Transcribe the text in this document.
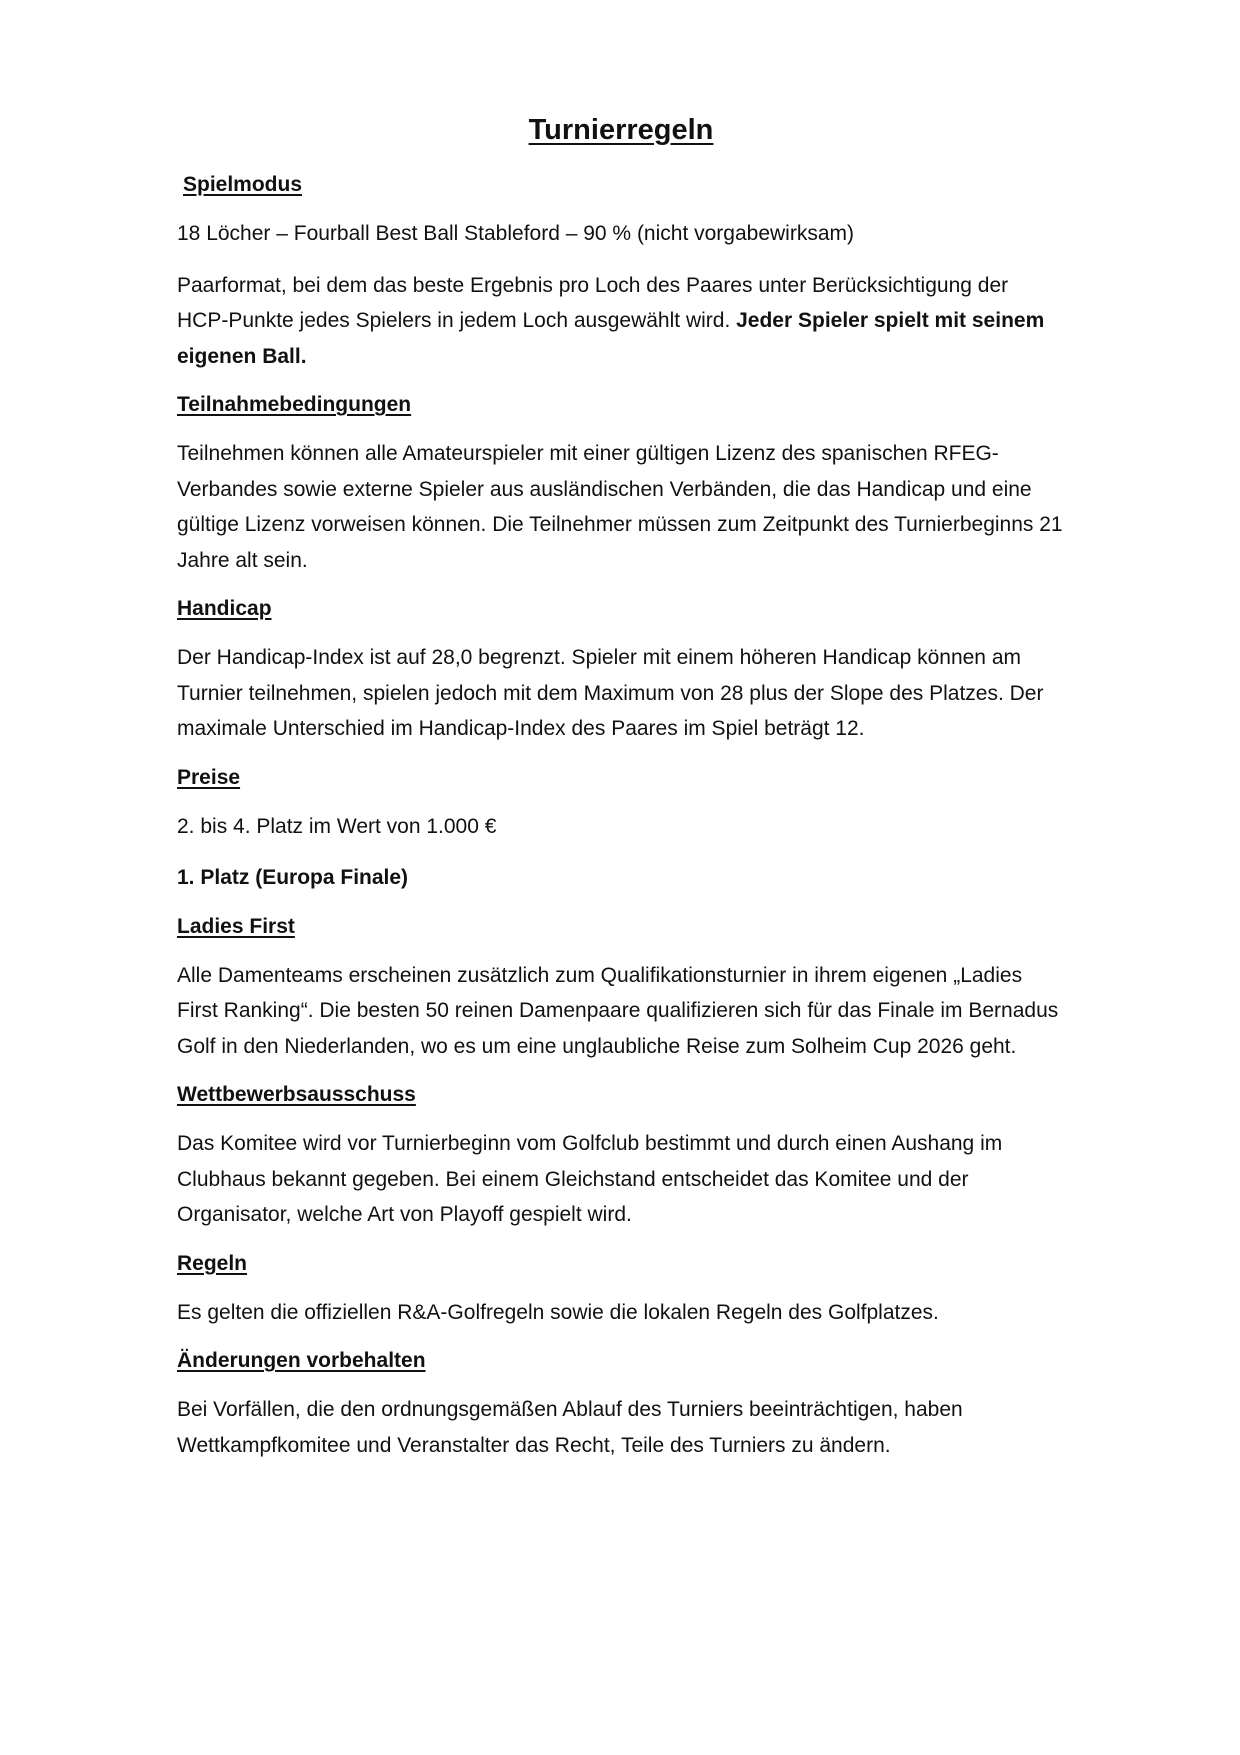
Turnierregeln
Spielmodus
18 Löcher – Fourball Best Ball Stableford – 90 % (nicht vorgabewirksam)
Paarformat, bei dem das beste Ergebnis pro Loch des Paares unter Berücksichtigung der HCP-Punkte jedes Spielers in jedem Loch ausgewählt wird. Jeder Spieler spielt mit seinem eigenen Ball.
Teilnahmebedingungen
Teilnehmen können alle Amateurspieler mit einer gültigen Lizenz des spanischen RFEG-Verbandes sowie externe Spieler aus ausländischen Verbänden, die das Handicap und eine gültige Lizenz vorweisen können. Die Teilnehmer müssen zum Zeitpunkt des Turnierbeginns 21 Jahre alt sein.
Handicap
Der Handicap-Index ist auf 28,0 begrenzt. Spieler mit einem höheren Handicap können am Turnier teilnehmen, spielen jedoch mit dem Maximum von 28 plus der Slope des Platzes. Der maximale Unterschied im Handicap-Index des Paares im Spiel beträgt 12.
Preise
2. bis 4. Platz im Wert von 1.000 €
1. Platz (Europa Finale)
Ladies First
Alle Damenteams erscheinen zusätzlich zum Qualifikationsturnier in ihrem eigenen „Ladies First Ranking“. Die besten 50 reinen Damenpaare qualifizieren sich für das Finale im Bernadus Golf in den Niederlanden, wo es um eine unglaubliche Reise zum Solheim Cup 2026 geht.
Wettbewerbsausschuss
Das Komitee wird vor Turnierbeginn vom Golfclub bestimmt und durch einen Aushang im Clubhaus bekannt gegeben. Bei einem Gleichstand entscheidet das Komitee und der Organisator, welche Art von Playoff gespielt wird.
Regeln
Es gelten die offiziellen R&A-Golfregeln sowie die lokalen Regeln des Golfplatzes.
Änderungen vorbehalten
Bei Vorfällen, die den ordnungsgemäßen Ablauf des Turniers beeinträchtigen, haben Wettkampfkomitee und Veranstalter das Recht, Teile des Turniers zu ändern.
